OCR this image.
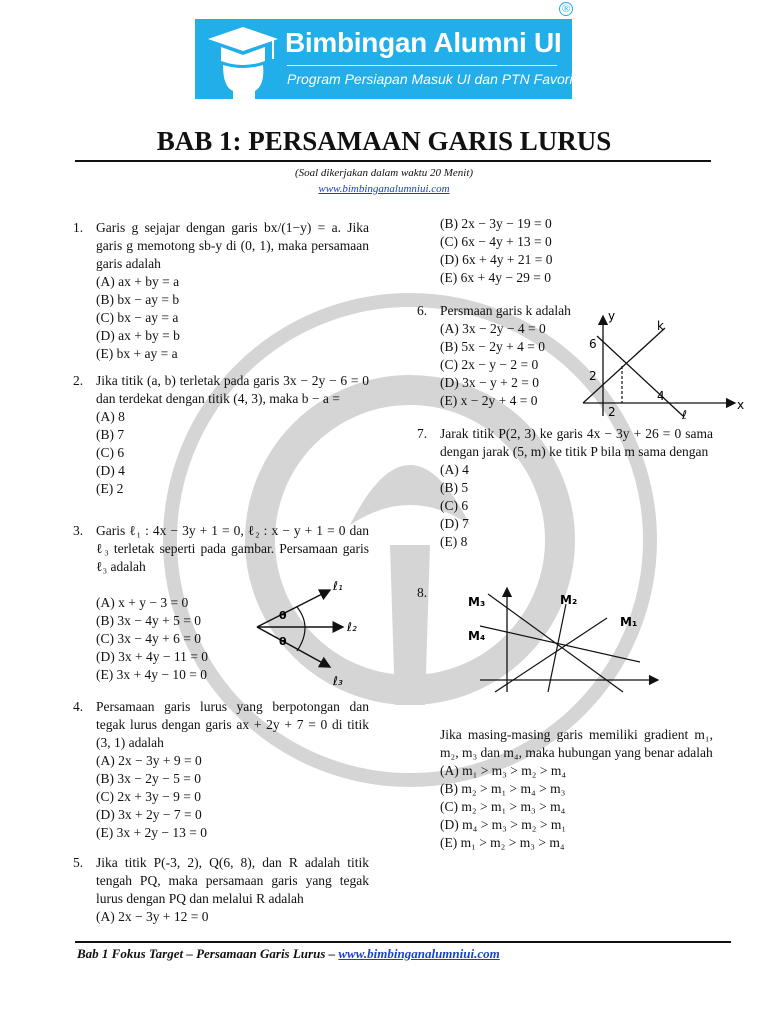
Bimbingan Alumni UI
®
Program Persiapan Masuk UI dan PTN Favorit
BAB 1: PERSAMAAN GARIS LURUS
(Soal dikerjakan dalam waktu 20 Menit)
www.bimbinganalumniui.com
1. Garis g sejajar dengan garis bx/(1−y) = a. Jika garis g memotong sb-y di (0, 1), maka persamaan garis adalah
(A) ax + by = a
(B) bx − ay = b
(C) bx − ay = a
(D) ax + by = b
(E) bx + ay = a
2. Jika titik (a, b) terletak pada garis 3x − 2y − 6 = 0 dan terdekat dengan titik (4, 3), maka b − a =
(A) 8
(B) 7
(C) 6
(D) 4
(E) 2
3. Garis ℓ₁ : 4x − 3y + 1 = 0, ℓ₂ : x − y + 1 = 0 dan ℓ₃ terletak seperti pada gambar. Persamaan garis ℓ₃ adalah
(A) x + y − 3 = 0
(B) 3x − 4y + 5 = 0
(C) 3x − 4y + 6 = 0
(D) 3x + 4y − 11 = 0
(E) 3x + 4y − 10 = 0
θ
θ
ℓ₁
ℓ₂
ℓ₃
4. Persamaan garis lurus yang berpotongan dan tegak lurus dengan garis ax + 2y + 7 = 0 di titik (3, 1) adalah
(A) 2x − 3y + 9 = 0
(B) 3x − 2y − 5 = 0
(C) 2x + 3y − 9 = 0
(D) 3x + 2y − 7 = 0
(E) 3x + 2y − 13 = 0
5. Jika titik P(-3, 2), Q(6, 8), dan R adalah titik tengah PQ, maka persamaan garis yang tegak lurus dengan PQ dan melalui R adalah
(A) 2x − 3y + 12 = 0
(B) 2x − 3y − 19 = 0
(C) 6x − 4y + 13 = 0
(D) 6x + 4y + 21 = 0
(E) 6x + 4y − 29 = 0
6. Persmaan garis k adalah
(A) 3x − 2y − 4 = 0
(B) 5x − 2y + 4 = 0
(C) 2x − y − 2 = 0
(D) 3x − y + 2 = 0
(E) x − 2y + 4 = 0
y
x
k
ℓ
6
2
4
2
7. Jarak titik P(2, 3) ke garis 4x − 3y + 26 = 0 sama dengan jarak (5, m) ke titik P bila m sama dengan
(A) 4
(B) 5
(C) 6
(D) 7
(E) 8
8.
M₃	M₂
M₁
M₄
Jika masing-masing garis memiliki gradient m₁, m₂, m₃ dan m₄, maka hubungan yang benar adalah
(A) m₁ > m₃ > m₂ > m₄
(B) m₂ > m₁ > m₄ > m₃
(C) m₂ > m₁ > m₃ > m₄
(D) m₄ > m₃ > m₂ > m₁
(E) m₁ > m₂ > m₃ > m₄
Bab 1 Fokus Target – Persamaan Garis Lurus – www.bimbinganalumniui.com
